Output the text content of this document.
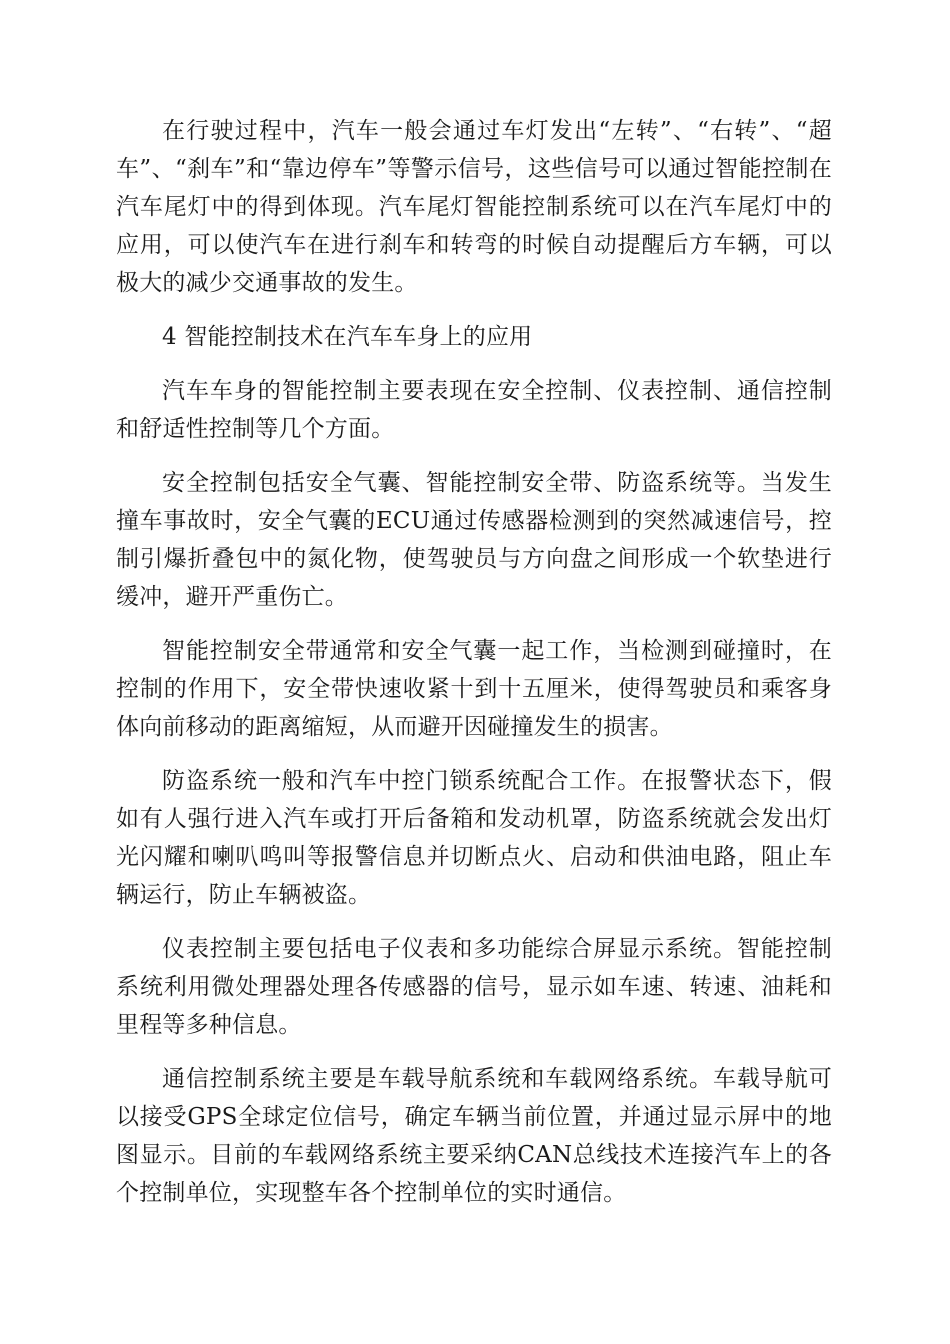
在行驶过程中，汽车一般会通过车灯发出“左转”、“右转”、“超车”、“刹车”和“靠边停车”等警示信号，这些信号可以通过智能控制在汽车尾灯中的得到体现。汽车尾灯智能控制系统可以在汽车尾灯中的应用，可以使汽车在进行刹车和转弯的时候自动提醒后方车辆，可以极大的减少交通事故的发生。

4 智能控制技术在汽车车身上的应用

汽车车身的智能控制主要表现在安全控制、仪表控制、通信控制和舒适性控制等几个方面。

安全控制包括安全气囊、智能控制安全带、防盗系统等。当发生撞车事故时，安全气囊的ECU通过传感器检测到的突然减速信号，控制引爆折叠包中的氮化物，使驾驶员与方向盘之间形成一个软垫进行缓冲，避开严重伤亡。

智能控制安全带通常和安全气囊一起工作，当检测到碰撞时，在控制的作用下，安全带快速收紧十到十五厘米，使得驾驶员和乘客身体向前移动的距离缩短，从而避开因碰撞发生的损害。

防盗系统一般和汽车中控门锁系统配合工作。在报警状态下，假如有人强行进入汽车或打开后备箱和发动机罩，防盗系统就会发出灯光闪耀和喇叭鸣叫等报警信息并切断点火、启动和供油电路，阻止车辆运行，防止车辆被盗。

仪表控制主要包括电子仪表和多功能综合屏显示系统。智能控制系统利用微处理器处理各传感器的信号，显示如车速、转速、油耗和里程等多种信息。

通信控制系统主要是车载导航系统和车载网络系统。车载导航可以接受GPS全球定位信号，确定车辆当前位置，并通过显示屏中的地图显示。目前的车载网络系统主要采纳CAN总线技术连接汽车上的各个控制单位，实现整车各个控制单位的实时通信。
